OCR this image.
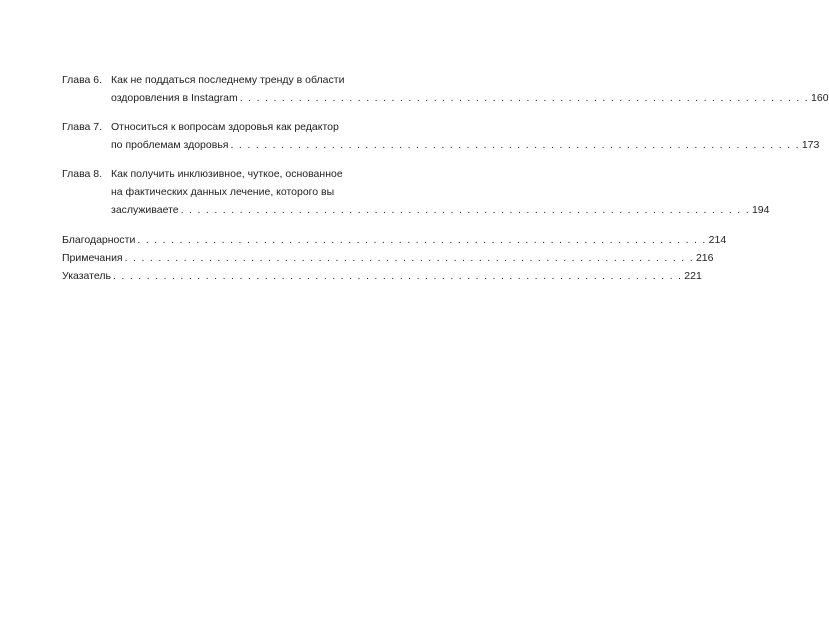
Глава 6. Как не поддаться последнему тренду в области
оздоровления в Instagram . . . . . . . . . . . . . . . . . . . . . . . . . . . . . . . . . . . . . . . . . . . . . . . . . . . . . . . . . . . . . . . . . . . . 160
Глава 7. Относиться к вопросам здоровья как редактор
по проблемам здоровья . . . . . . . . . . . . . . . . . . . . . . . . . . . . . . . . . . . . . . . . . . . . . . . . . . . . . . . . . . . . . . . . . . . . 173
Глава 8. Как получить инклюзивное, чуткое, основанное
на фактических данных лечение, которого вы
заслуживаете . . . . . . . . . . . . . . . . . . . . . . . . . . . . . . . . . . . . . . . . . . . . . . . . . . . . . . . . . . . . . . . . . . . . 194
Благодарности . . . . . . . . . . . . . . . . . . . . . . . . . . . . . . . . . . . . . . . . . . . . . . . . . . . . . . . . . . . . . . . . . . . . 214
Примечания . . . . . . . . . . . . . . . . . . . . . . . . . . . . . . . . . . . . . . . . . . . . . . . . . . . . . . . . . . . . . . . . . . . . 216
Указатель . . . . . . . . . . . . . . . . . . . . . . . . . . . . . . . . . . . . . . . . . . . . . . . . . . . . . . . . . . . . . . . . . . . . 221
